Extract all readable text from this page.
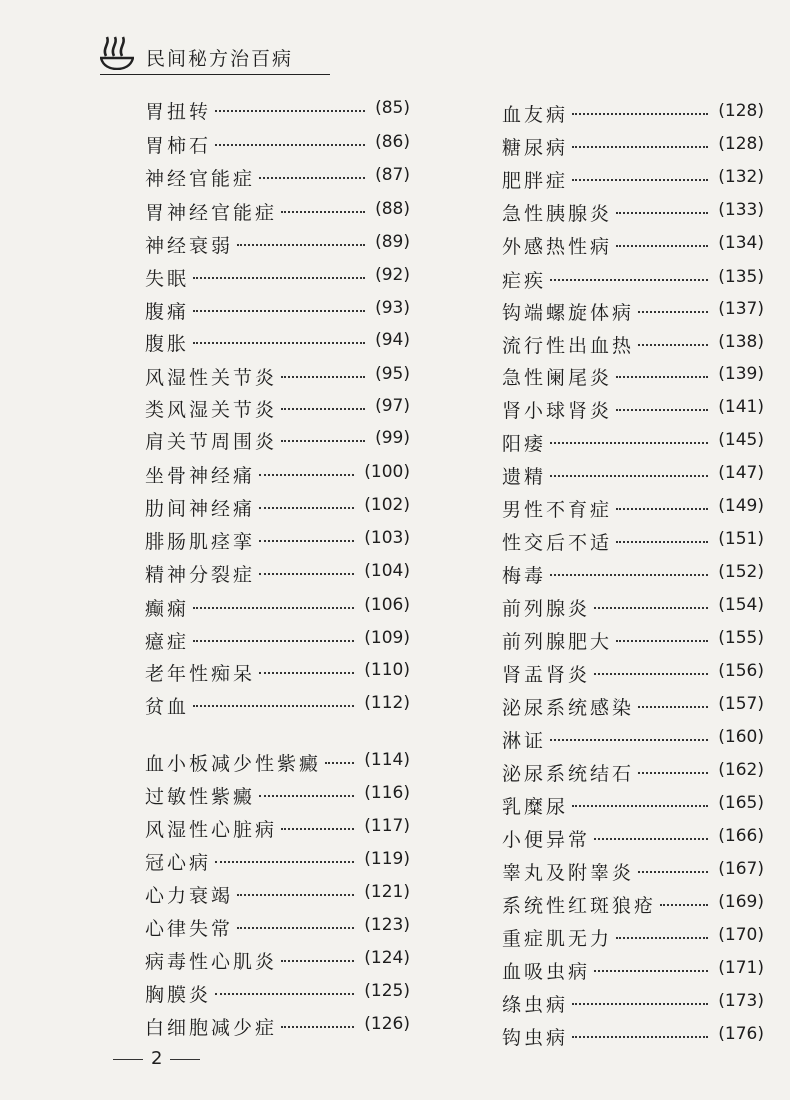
民间秘方治百病
胃扭转	(85)
胃柿石	(86)
神经官能症	(87)
胃神经官能症	(88)
神经衰弱	(89)
失眠	(92)
腹痛	(93)
腹胀	(94)
风湿性关节炎	(95)
类风湿关节炎	(97)
肩关节周围炎	(99)
坐骨神经痛	(100)
肋间神经痛	(102)
腓肠肌痉挛	(103)
精神分裂症	(104)
癫痫	(106)
癔症	(109)
老年性痴呆	(110)
贫血	(112)
血小板减少性紫癜	(114)
过敏性紫癜	(116)
风湿性心脏病	(117)
冠心病	(119)
心力衰竭	(121)
心律失常	(123)
病毒性心肌炎	(124)
胸膜炎	(125)
白细胞减少症	(126)
血友病	(128)
糖尿病	(128)
肥胖症	(132)
急性胰腺炎	(133)
外感热性病	(134)
疟疾	(135)
钩端螺旋体病	(137)
流行性出血热	(138)
急性阑尾炎	(139)
肾小球肾炎	(141)
阳痿	(145)
遗精	(147)
男性不育症	(149)
性交后不适	(151)
梅毒	(152)
前列腺炎	(154)
前列腺肥大	(155)
肾盂肾炎	(156)
泌尿系统感染	(157)
淋证	(160)
泌尿系统结石	(162)
乳糜尿	(165)
小便异常	(166)
睾丸及附睾炎	(167)
系统性红斑狼疮	(169)
重症肌无力	(170)
血吸虫病	(171)
绦虫病	(173)
钩虫病	(176)
2
